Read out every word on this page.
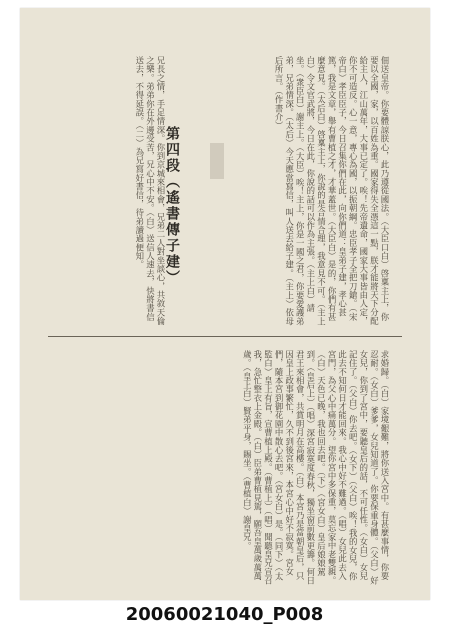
佃送皇帝。你要體諒朕心，此乃遵從國法。（大臣口白）啓稟主上，你要以全國，家，以百姓為重。國家得失全憑這一點，朕才能將天下分配給主人，江山萬年，大事已定了。唉！先帝遺命，國家大事皆由人定，你不可造反。心一意，專心為國，以振朝綱。忠臣孝子全把刀鎗。（宋帝白）孝臣臣子，今日召集你們在此，向你們道：皇弟子建，孝心甚篤，我是文章，舉有曹植之才，才華蓋世。（大臣白）是的，你們有甚麼意見。（太后白）啓稟主上，你說的是合情合理，我意見不可。（主上白）令文官武將，今日在此，你說的話可以作為主張。（主上白）請坐。（衆臣白）謝主上。（大臣）唉！主上，你是一國之君，你要愛護弟弟，兄弟情深。（太后）今天應當寫信，叫人送去給子建。（主上）依母后所言。（作書介）
第四段（遙書傳子建）
兄長之情，手足情深。你到京城來相會，兄弟二人對坐談心，共敘天倫之樂。弟弟你在外邊受苦，兄心中不安。（白）送信人速去，快將書信送去，不得延誤。（二）為兄寫好書信，待弟讀過便知。
求婚歸。（白）家境艱難，將你送入宮中。有甚麼事情，你要忍耐。（女白）爹爹，女兒知道了。你要保重身體。（父白）好女兒，你到了宮中，要聽皇后的話，不可任性。（女白）女兒記住了。（父白）你去吧。（女下）（父白）唉！我的女兒，你此去不知何日才能回來。我心中好不難過。（唱）女兒此去入宮門，為父心中痛萬分。望你宮中多保重，莫忘家中老雙親。（白）天色已晚，我也回去吧。（下）（宮女白）皇后娘娘駕到。（皇后上）（唱）深宮寂寞度春秋，獨坐窗前數更籌。何日君王來相會，共賞明月在高樓。（白）本宮乃是當朝皇后，只因皇上政事繁忙，久不到後宮來，本宮心中好不寂寞。宮女們，隨本宮到御花園中散心去吧。（宮女白）是。（同下）（太監白）皇上有旨，宣曹植上殿。（曹植上）（唱）聞聽皇兄宣召我，急忙整衣上金殿。（白）臣弟曹植見駕，願吾皇萬歲萬萬歲。（皇上白）賢弟平身，賜坐。（曹植白）謝皇兄。
20060021040_P008
